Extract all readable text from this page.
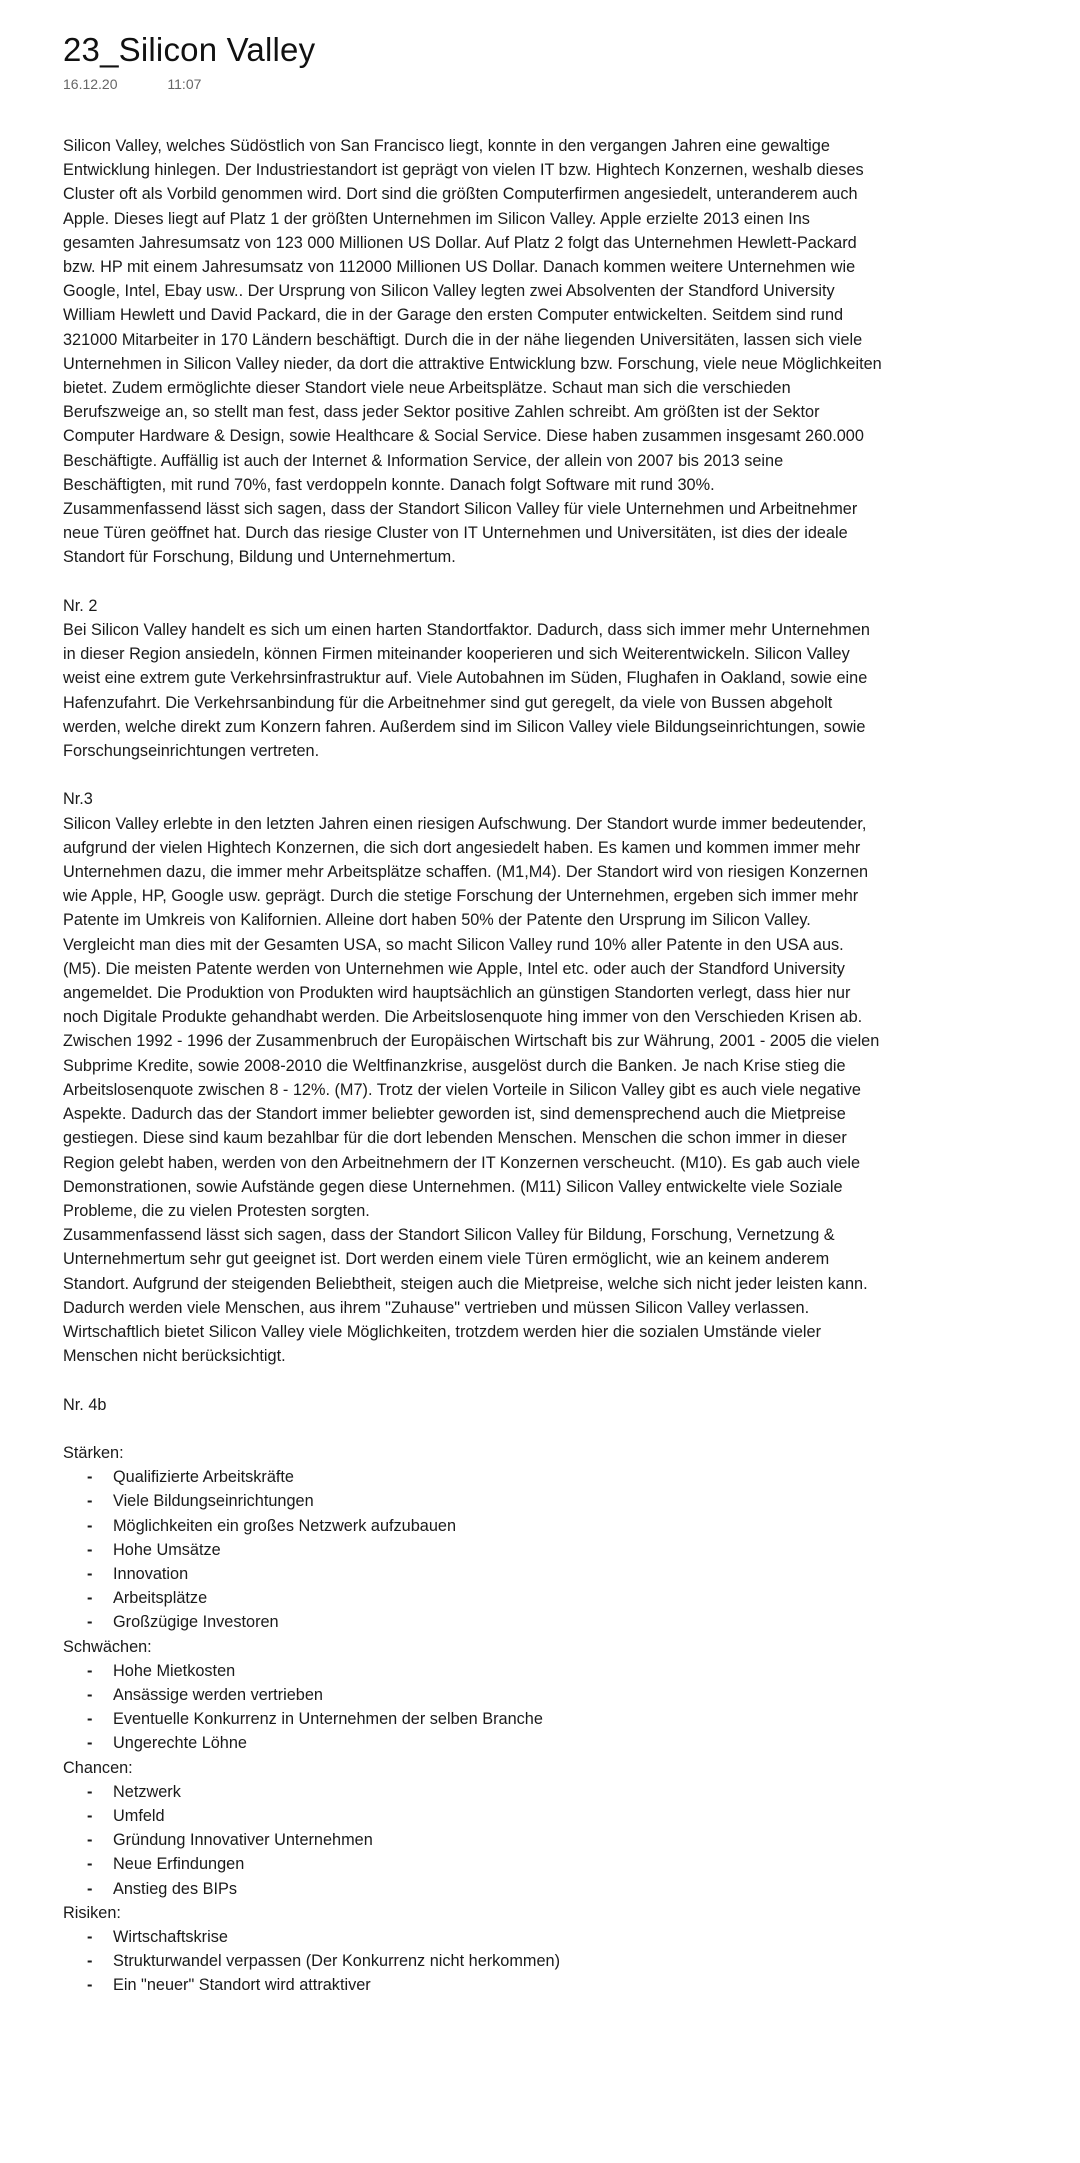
23_Silicon Valley
16.12.20	11:07

Silicon Valley, welches Südöstlich von San Francisco liegt, konnte in den vergangen Jahren eine gewaltige Entwicklung hinlegen. Der Industriestandort ist geprägt von vielen IT bzw. Hightech Konzernen, weshalb dieses Cluster oft als Vorbild genommen wird. Dort sind die größten Computerfirmen angesiedelt, unteranderem auch Apple. Dieses liegt auf Platz 1 der größten Unternehmen im Silicon Valley. Apple erzielte 2013 einen Ins gesamten Jahresumsatz von 123 000 Millionen US Dollar. Auf Platz 2 folgt das Unternehmen Hewlett-Packard bzw. HP mit einem Jahresumsatz von 112000 Millionen US Dollar. Danach kommen weitere Unternehmen wie Google, Intel, Ebay usw.. Der Ursprung von Silicon Valley legten zwei Absolventen der Standford University William Hewlett und David Packard, die in der Garage den ersten Computer entwickelten. Seitdem sind rund 321000 Mitarbeiter in 170 Ländern beschäftigt. Durch die in der nähe liegenden Universitäten, lassen sich viele Unternehmen in Silicon Valley nieder, da dort die attraktive Entwicklung bzw. Forschung, viele neue Möglichkeiten bietet. Zudem ermöglichte dieser Standort viele neue Arbeitsplätze. Schaut man sich die verschieden Berufszweige an, so stellt man fest, dass jeder Sektor positive Zahlen schreibt. Am größten ist der Sektor Computer Hardware & Design, sowie Healthcare & Social Service. Diese haben zusammen insgesamt 260.000 Beschäftigte. Auffällig ist auch der Internet & Information Service, der allein von 2007 bis 2013 seine Beschäftigten, mit rund 70%, fast verdoppeln konnte. Danach folgt Software mit rund 30%.

Zusammenfassend lässt sich sagen, dass der Standort Silicon Valley für viele Unternehmen und Arbeitnehmer neue Türen geöffnet hat. Durch das riesige Cluster von IT Unternehmen und Universitäten, ist dies der ideale Standort für Forschung, Bildung und Unternehmertum.

Nr. 2

Bei Silicon Valley handelt es sich um einen harten Standortfaktor. Dadurch, dass sich immer mehr Unternehmen in dieser Region ansiedeln, können Firmen miteinander kooperieren und sich Weiterentwickeln. Silicon Valley weist eine extrem gute Verkehrsinfrastruktur auf. Viele Autobahnen im Süden, Flughafen in Oakland, sowie eine Hafenzufahrt. Die Verkehrsanbindung für die Arbeitnehmer sind gut geregelt, da viele von Bussen abgeholt werden, welche direkt zum Konzern fahren. Außerdem sind im Silicon Valley viele Bildungseinrichtungen, sowie Forschungseinrichtungen vertreten.

Nr.3

Silicon Valley erlebte in den letzten Jahren einen riesigen Aufschwung. Der Standort wurde immer bedeutender, aufgrund der vielen Hightech Konzernen, die sich dort angesiedelt haben. Es kamen und kommen immer mehr Unternehmen dazu, die immer mehr Arbeitsplätze schaffen. (M1,M4). Der Standort wird von riesigen Konzernen wie Apple, HP, Google usw. geprägt. Durch die stetige Forschung der Unternehmen, ergeben sich immer mehr Patente im Umkreis von Kalifornien. Alleine dort haben 50% der Patente den Ursprung im Silicon Valley. Vergleicht man dies mit der Gesamten USA, so macht Silicon Valley rund 10% aller Patente in den USA aus. (M5). Die meisten Patente werden von Unternehmen wie Apple, Intel etc. oder auch der Standford University angemeldet. Die Produktion von Produkten wird hauptsächlich an günstigen Standorten verlegt, dass hier nur noch Digitale Produkte gehandhabt werden. Die Arbeitslosenquote hing immer von den Verschieden Krisen ab. Zwischen 1992 - 1996 der Zusammenbruch der Europäischen Wirtschaft bis zur Währung, 2001 - 2005 die vielen Subprime Kredite, sowie 2008-2010 die Weltfinanzkrise, ausgelöst durch die Banken. Je nach Krise stieg die Arbeitslosenquote zwischen 8 - 12%. (M7). Trotz der vielen Vorteile in Silicon Valley gibt es auch viele negative Aspekte. Dadurch das der Standort immer beliebter geworden ist, sind demensprechend auch die Mietpreise gestiegen. Diese sind kaum bezahlbar für die dort lebenden Menschen. Menschen die schon immer in dieser Region gelebt haben, werden von den Arbeitnehmern der IT Konzernen verscheucht. (M10). Es gab auch viele Demonstrationen, sowie Aufstände gegen diese Unternehmen. (M11) Silicon Valley entwickelte viele Soziale Probleme, die zu vielen Protesten sorgten.

Zusammenfassend lässt sich sagen, dass der Standort Silicon Valley für Bildung, Forschung, Vernetzung & Unternehmertum sehr gut geeignet ist. Dort werden einem viele Türen ermöglicht, wie an keinem anderem Standort. Aufgrund der steigenden Beliebtheit, steigen auch die Mietpreise, welche sich nicht jeder leisten kann. Dadurch werden viele Menschen, aus ihrem "Zuhause" vertrieben und müssen Silicon Valley verlassen. Wirtschaftlich bietet Silicon Valley viele Möglichkeiten, trotzdem werden hier die sozialen Umstände vieler Menschen nicht berücksichtigt.

Nr. 4b

Stärken:

- Qualifizierte Arbeitskräfte
- Viele Bildungseinrichtungen
- Möglichkeiten ein großes Netzwerk aufzubauen
- Hohe Umsätze
- Innovation
- Arbeitsplätze
- Großzügige Investoren

Schwächen:

- Hohe Mietkosten
- Ansässige werden vertrieben
- Eventuelle Konkurrenz in Unternehmen der selben Branche
- Ungerechte Löhne

Chancen:

- Netzwerk
- Umfeld
- Gründung Innovativer Unternehmen
- Neue Erfindungen
- Anstieg des BIPs

Risiken:

- Wirtschaftskrise
- Strukturwandel verpassen (Der Konkurrenz nicht herkommen)
- Ein "neuer" Standort wird attraktiver
